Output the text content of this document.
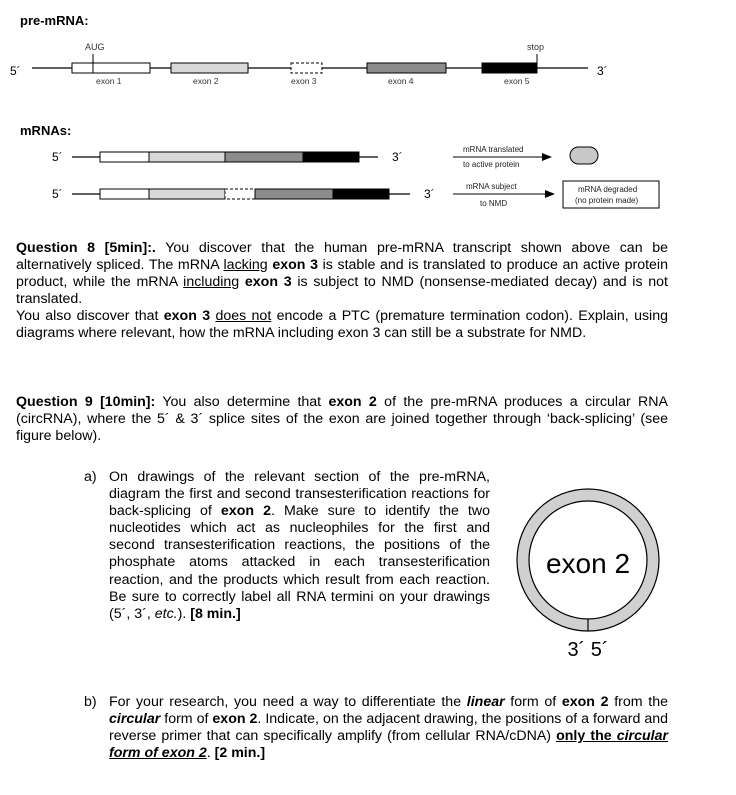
pre-mRNA:
5´	3´
AUG	stop
exon 1	exon 2	exon 3	exon 4	exon 5
mRNAs:
5´	3´
mRNA translated
to active protein
5´	3´
mRNA subject
to NMD
mRNA degraded
(no protein made)

Question 8 [5min]:. You discover that the human pre-mRNA transcript shown above can be alternatively spliced. The mRNA lacking exon 3 is stable and is translated to produce an active protein product, while the mRNA including exon 3 is subject to NMD (nonsense-mediated decay) and is not translated.

You also discover that exon 3 does not encode a PTC (premature termination codon). Explain, using diagrams where relevant, how the mRNA including exon 3 can still be a substrate for NMD.

Question 9 [10min]: You also determine that exon 2 of the pre-mRNA produces a circular RNA (circRNA), where the 5´ & 3´ splice sites of the exon are joined together through ‘back-splicing’ (see figure below).

a) On drawings of the relevant section of the pre-mRNA, diagram the first and second transesterification reactions for back-splicing of exon 2. Make sure to identify the two nucleotides which act as nucleophiles for the first and second transesterification reactions, the positions of the phosphate atoms attacked in each transesterification reaction, and the products which result from each reaction. Be sure to correctly label all RNA termini on your drawings (5´, 3´, etc.). [8 min.]
exon 2
3´ 5´
b) For your research, you need a way to differentiate the linear form of exon 2 from the circular form of exon 2. Indicate, on the adjacent drawing, the positions of a forward and reverse primer that can specifically amplify (from cellular RNA/cDNA) only the circular form of exon 2. [2 min.]
